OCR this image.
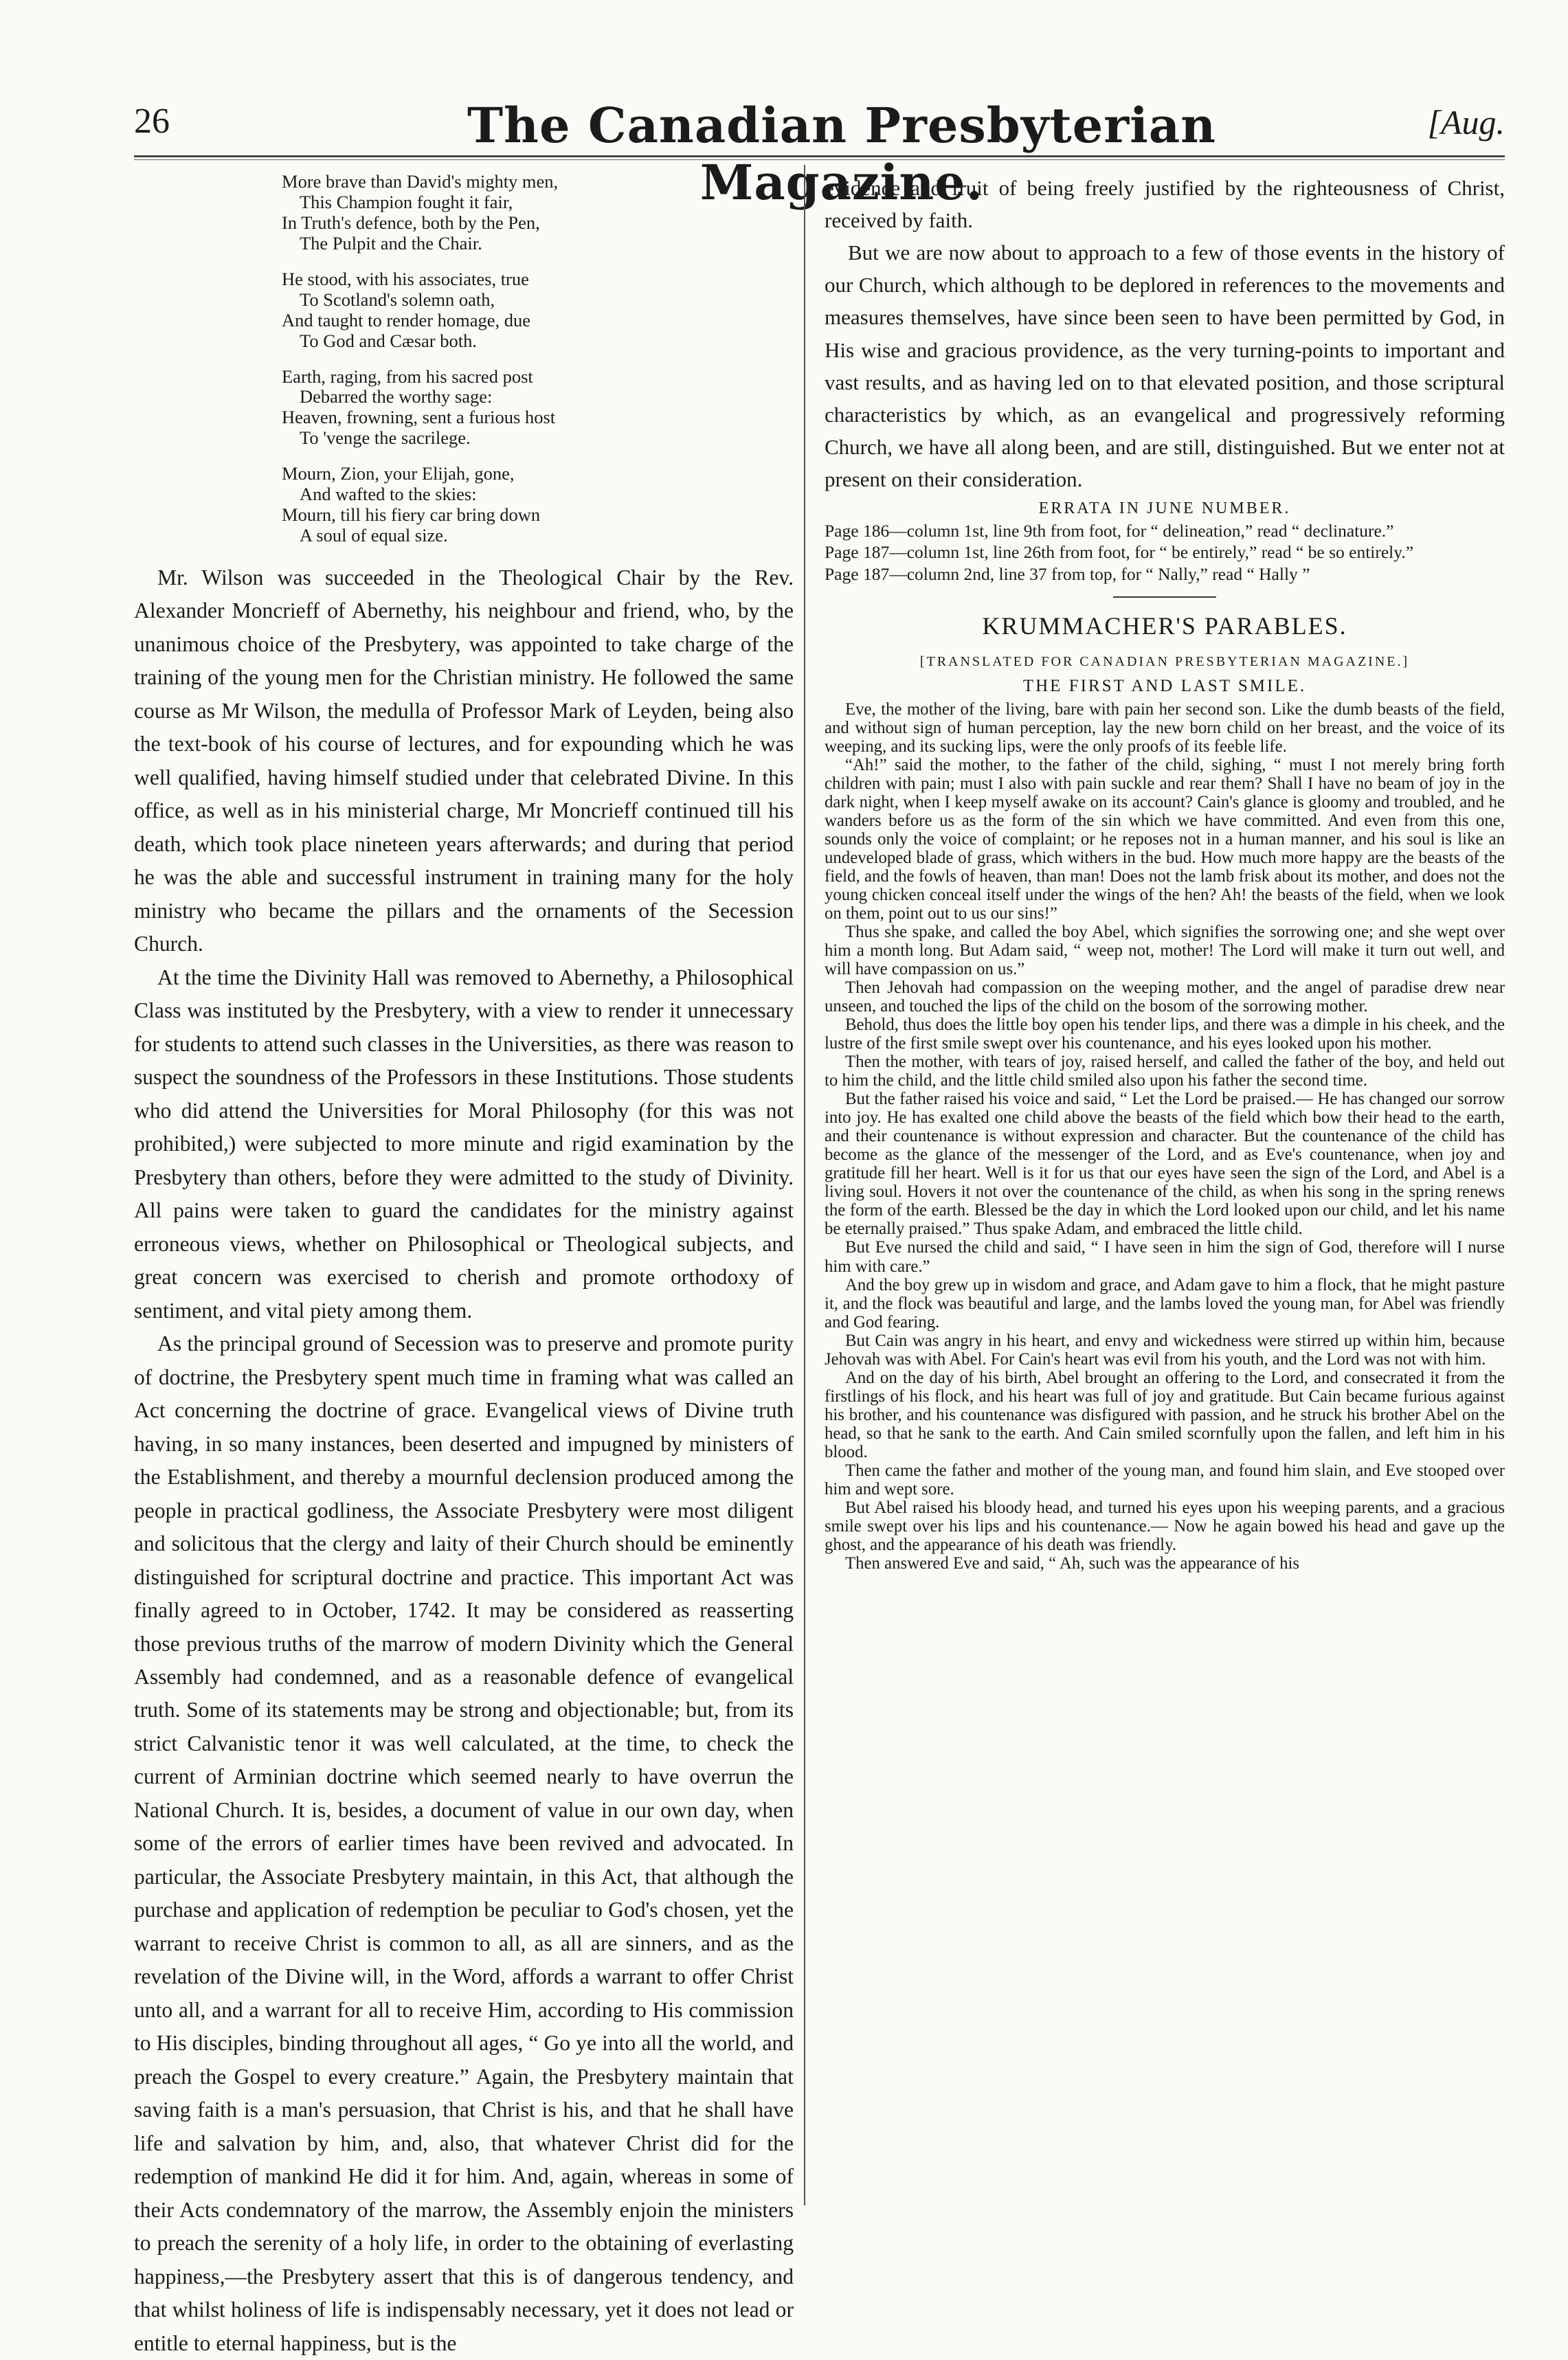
26	The Canadian Presbyterian Magazine.
[Aug.
More brave than David's mighty men,
This Champion fought it fair,
In Truth's defence, both by the Pen,
The Pulpit and the Chair.
He stood, with his associates, true
To Scotland's solemn oath,
And taught to render homage, due
To God and Cæsar both.
Earth, raging, from his sacred post
Debarred the worthy sage:
Heaven, frowning, sent a furious host
To 'venge the sacrilege.
Mourn, Zion, your Elijah, gone,
And wafted to the skies:
Mourn, till his fiery car bring down
A soul of equal size.

Mr. Wilson was succeeded in the Theological Chair by the Rev. Alexander Moncrieff of Abernethy, his neighbour and friend, who, by the unanimous choice of the Presbytery, was appointed to take charge of the training of the young men for the Christian ministry. He followed the same course as Mr Wilson, the medulla of Professor Mark of Leyden, being also the text-book of his course of lectures, and for expounding which he was well qualified, having himself studied under that celebrated Divine. In this office, as well as in his ministerial charge, Mr Moncrieff continued till his death, which took place nineteen years afterwards; and during that period he was the able and successful instrument in training many for the holy ministry who became the pillars and the ornaments of the Secession Church.

At the time the Divinity Hall was removed to Abernethy, a Philosophical Class was instituted by the Presbytery, with a view to render it unnecessary for students to attend such classes in the Universities, as there was reason to suspect the soundness of the Professors in these Institutions. Those students who did attend the Universities for Moral Philosophy (for this was not prohibited,) were subjected to more minute and rigid examination by the Presbytery than others, before they were admitted to the study of Divinity. All pains were taken to guard the candidates for the ministry against erroneous views, whether on Philosophical or Theological subjects, and great concern was exercised to cherish and promote orthodoxy of sentiment, and vital piety among them.

As the principal ground of Secession was to preserve and promote purity of doctrine, the Presbytery spent much time in framing what was called an Act concerning the doctrine of grace. Evangelical views of Divine truth having, in so many instances, been deserted and impugned by ministers of the Establishment, and thereby a mournful declension produced among the people in practical godliness, the Associate Presbytery were most diligent and solicitous that the clergy and laity of their Church should be eminently distinguished for scriptural doctrine and practice. This important Act was finally agreed to in October, 1742. It may be considered as reasserting those previous truths of the marrow of modern Divinity which the General Assembly had condemned, and as a reasonable defence of evangelical truth. Some of its statements may be strong and objectionable; but, from its strict Calvanistic tenor it was well calculated, at the time, to check the current of Arminian doctrine which seemed nearly to have overrun the National Church. It is, besides, a document of value in our own day, when some of the errors of earlier times have been revived and advocated. In particular, the Associate Presbytery maintain, in this Act, that although the purchase and application of redemption be peculiar to God's chosen, yet the warrant to receive Christ is common to all, as all are sinners, and as the revelation of the Divine will, in the Word, affords a warrant to offer Christ unto all, and a warrant for all to receive Him, according to His commission to His disciples, binding throughout all ages, “ Go ye into all the world, and preach the Gospel to every creature.” Again, the Presbytery maintain that saving faith is a man's persuasion, that Christ is his, and that he shall have life and salvation by him, and, also, that whatever Christ did for the redemption of mankind He did it for him. And, again, whereas in some of their Acts condemnatory of the marrow, the Assembly enjoin the ministers to preach the serenity of a holy life, in order to the obtaining of everlasting happiness,—the Presbytery assert that this is of dangerous tendency, and that whilst holiness of life is indispensably necessary, yet it does not lead or entitle to eternal happiness, but is the

evidence and fruit of being freely justified by the righteousness of Christ, received by faith.

But we are now about to approach to a few of those events in the history of our Church, which although to be deplored in references to the movements and measures themselves, have since been seen to have been permitted by God, in His wise and gracious providence, as the very turning-points to important and vast results, and as having led on to that elevated position, and those scriptural characteristics by which, as an evangelical and progressively reforming Church, we have all along been, and are still, distinguished. But we enter not at present on their consideration.

ERRATA IN JUNE NUMBER.

Page 186—column 1st, line 9th from foot, for “ delineation,” read “ declinature.”

Page 187—column 1st, line 26th from foot, for “ be entirely,” read “ be so entirely.”

Page 187—column 2nd, line 37 from top, for “ Nally,” read “ Hally ”

KRUMMACHER'S PARABLES.
[TRANSLATED FOR CANADIAN PRESBYTERIAN MAGAZINE.]
THE FIRST AND LAST SMILE.

Eve, the mother of the living, bare with pain her second son. Like the dumb beasts of the field, and without sign of human perception, lay the new born child on her breast, and the voice of its weeping, and its sucking lips, were the only proofs of its feeble life.

“Ah!” said the mother, to the father of the child, sighing, “ must I not merely bring forth children with pain; must I also with pain suckle and rear them? Shall I have no beam of joy in the dark night, when I keep myself awake on its account? Cain's glance is gloomy and troubled, and he wanders before us as the form of the sin which we have committed. And even from this one, sounds only the voice of complaint; or he reposes not in a human manner, and his soul is like an undeveloped blade of grass, which withers in the bud. How much more happy are the beasts of the field, and the fowls of heaven, than man! Does not the lamb frisk about its mother, and does not the young chicken conceal itself under the wings of the hen? Ah! the beasts of the field, when we look on them, point out to us our sins!”

Thus she spake, and called the boy Abel, which signifies the sorrowing one; and she wept over him a month long. But Adam said, “ weep not, mother! The Lord will make it turn out well, and will have compassion on us.”

Then Jehovah had compassion on the weeping mother, and the angel of paradise drew near unseen, and touched the lips of the child on the bosom of the sorrowing mother.

Behold, thus does the little boy open his tender lips, and there was a dimple in his cheek, and the lustre of the first smile swept over his countenance, and his eyes looked upon his mother.

Then the mother, with tears of joy, raised herself, and called the father of the boy, and held out to him the child, and the little child smiled also upon his father the second time.

But the father raised his voice and said, “ Let the Lord be praised.— He has changed our sorrow into joy. He has exalted one child above the beasts of the field which bow their head to the earth, and their countenance is without expression and character. But the countenance of the child has become as the glance of the messenger of the Lord, and as Eve's countenance, when joy and gratitude fill her heart. Well is it for us that our eyes have seen the sign of the Lord, and Abel is a living soul. Hovers it not over the countenance of the child, as when his song in the spring renews the form of the earth. Blessed be the day in which the Lord looked upon our child, and let his name be eternally praised.” Thus spake Adam, and embraced the little child.

But Eve nursed the child and said, “ I have seen in him the sign of God, therefore will I nurse him with care.”

And the boy grew up in wisdom and grace, and Adam gave to him a flock, that he might pasture it, and the flock was beautiful and large, and the lambs loved the young man, for Abel was friendly and God fearing.

But Cain was angry in his heart, and envy and wickedness were stirred up within him, because Jehovah was with Abel. For Cain's heart was evil from his youth, and the Lord was not with him.

And on the day of his birth, Abel brought an offering to the Lord, and consecrated it from the firstlings of his flock, and his heart was full of joy and gratitude. But Cain became furious against his brother, and his countenance was disfigured with passion, and he struck his brother Abel on the head, so that he sank to the earth. And Cain smiled scornfully upon the fallen, and left him in his blood.

Then came the father and mother of the young man, and found him slain, and Eve stooped over him and wept sore.

But Abel raised his bloody head, and turned his eyes upon his weeping parents, and a gracious smile swept over his lips and his countenance.— Now he again bowed his head and gave up the ghost, and the appearance of his death was friendly.

Then answered Eve and said, “ Ah, such was the appearance of his
